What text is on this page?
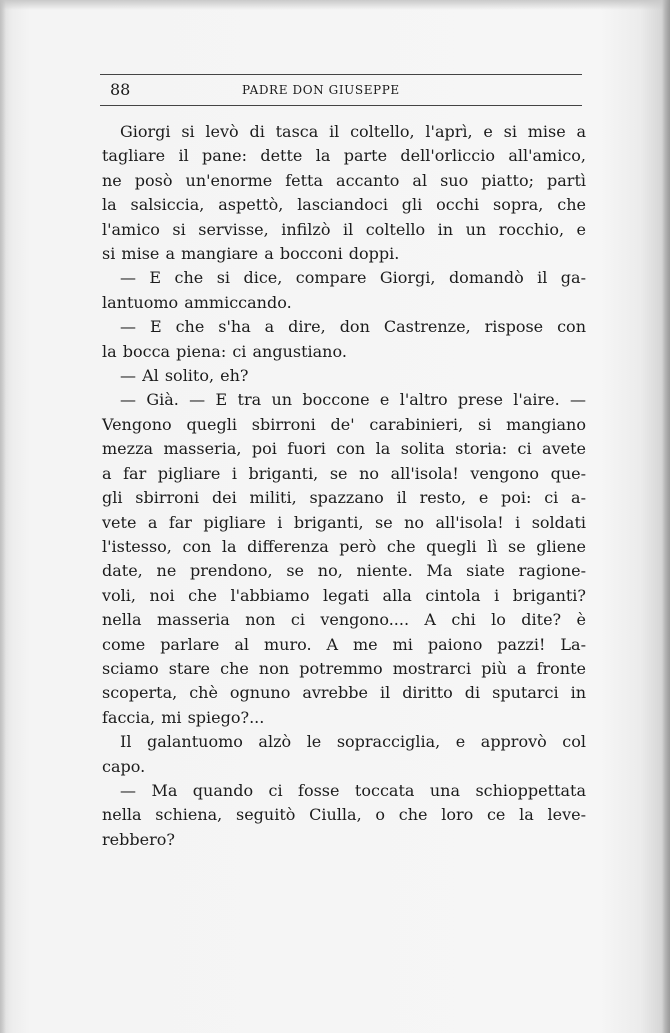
88	PADRE DON GIUSEPPE
Giorgi si levò di tasca il coltello, l'aprì, e si mise a
tagliare il pane: dette la parte dell'orliccio all'amico,
ne posò un'enorme fetta accanto al suo piatto; partì
la salsiccia, aspettò, lasciandoci gli occhi sopra, che
l'amico si servisse, infilzò il coltello in un rocchio, e
si mise a mangiare a bocconi doppi.
— E che si dice, compare Giorgi, domandò il ga-
lantuomo ammiccando.
— E che s'ha a dire, don Castrenze, rispose con
la bocca piena: ci angustiano.
— Al solito, eh?
— Già. — E tra un boccone e l'altro prese l'aire. —
Vengono quegli sbirroni de' carabinieri, si mangiano
mezza masseria, poi fuori con la solita storia: ci avete
a far pigliare i briganti, se no all'isola! vengono que-
gli sbirroni dei militi, spazzano il resto, e poi: ci a-
vete a far pigliare i briganti, se no all'isola! i soldati
l'istesso, con la differenza però che quegli lì se gliene
date, ne prendono, se no, niente. Ma siate ragione-
voli, noi che l'abbiamo legati alla cintola i briganti?
nella masseria non ci vengono.... A chi lo dite? è
come parlare al muro. A me mi paiono pazzi! La-
sciamo stare che non potremmo mostrarci più a fronte
scoperta, chè ognuno avrebbe il diritto di sputarci in
faccia, mi spiego?...
Il galantuomo alzò le sopracciglia, e approvò col
capo.
— Ma quando ci fosse toccata una schioppettata
nella schiena, seguitò Ciulla, o che loro ce la leve-
rebbero?
